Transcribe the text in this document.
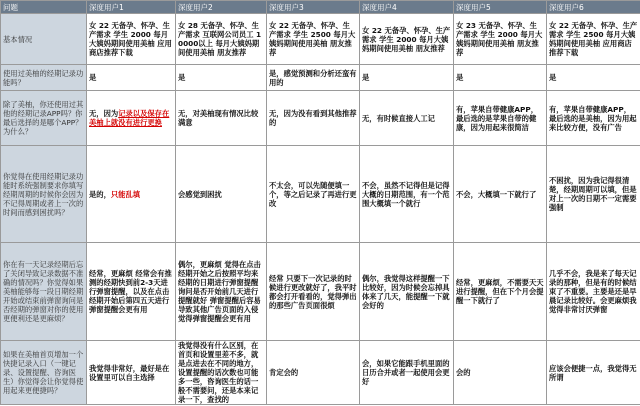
问题	深度用户1	深度用户2	深度用户3	深度用户4	深度用户5	深度用户6
基本情况	女 22 无备孕、怀孕、生产需求 学生 2000 每月大姨妈期间使用美柚 应用商店推荐下载	女 28 无备孕、怀孕、生产需求 互联网公司员工 10000以上 每月大姨妈期间使用美柚 朋友推荐	女 22 无备孕、怀孕、生产需求 学生 2500 每月大姨妈期间使用美柚 朋友推荐	女 22 无备孕、怀孕、生产需求 学生 2000 每月大姨妈期间使用美柚 朋友推荐	女 23 无备孕、怀孕、生产需求 学生 2000 每月大姨妈期间使用美柚 朋友推荐	女 22 无备孕、怀孕、生产需求 学生 2500 每月大姨妈期间使用美柚 应用商店推荐下载
使用过美柚的经期记录功能吗？	是	是	是，感觉预测和分析还蛮有用的	是	是	是
除了美柚，你还使用过其他的经期记录APP吗？你最后选择的是哪个APP？为什么？	无，因为记录以及保存在美柚上就没有进行更换	无，对美柚现有情况比较满意	无，因为没有看到其他推荐的	无，有时候直接人工记	有，苹果自带健康APP，最后选的是苹果自带的健康，因为用起来很简洁	有，苹果自带健康APP，最后选的是美柚，因为用起来比较方便，没有广告
你觉得在使用经期记录功能时系统强制要求你填写经期周期的时候你会因为不记得周期或者上一次的时间而感到困扰吗？	是的，只能乱填	会感觉到困扰	不太会，可以先随便填一个，等之后记录了再进行更改	不会，虽然不记得但是记得大概的日期范围，有一个范围大概填一个就行	不会，大概填一下就行了	不困扰，因为我记得很清楚，经期周期可以填，但是对上一次的日期不一定需要强制
你在有一天记录经期后忘了关闭导致记录数据不准确的情况吗？你觉得如果美柚能够每一段日期经期开始或结束前弹窗询问是否经期的弹窗对你的使用更便利还是更麻烦？	经常，更麻烦 经常会有推测的经期快到前2-3天进行弹窗提醒，以及在点击经期开始后第四五天进行弹窗提醒会更有用	偶尔，更麻烦 觉得在点击经期开始之后按照平均来经期的日期进行弹窗提醒询问是否开始前几天进行提醒就好 弹窗提醒后容易导致其他广告页面的入侵 觉得弹窗提醒会更有用	经常 只要下一次记录的时候进行更改就好了，我平时都会打开看看的，觉得弹出的那些广告页面很烦	偶尔，我觉得这样提醒一下比较好，因为时候会忘掉具体来了几天，能提醒一下就会好的	经常，更麻烦，不需要天天进行提醒，但在下个月会提醒一下就行了	几乎不会，我是来了每天记录的那种，但是有的时候结束了不重要。主要是还是早晨记录比较好。会更麻烦我觉得非常讨厌弹窗
如果在美柚首页增加一个快捷记录入口（一键记录、设置提醒、咨询医生）你觉得会让你觉得使用起来更便捷吗？	我觉得非常好，最好是在设置里可以自主选择	我觉得没有什么区别，在首页和设置里差不多，就是点进去在不同的地方，设置提醒的话次数也可能多一些，咨询医生的话一般不需要问，还是本来记录一下，查找的	肯定会的	会，如果它能跟手机里面的日历合并或者一起使用会更好	会的	应该会便捷一点，我觉得无所谓
